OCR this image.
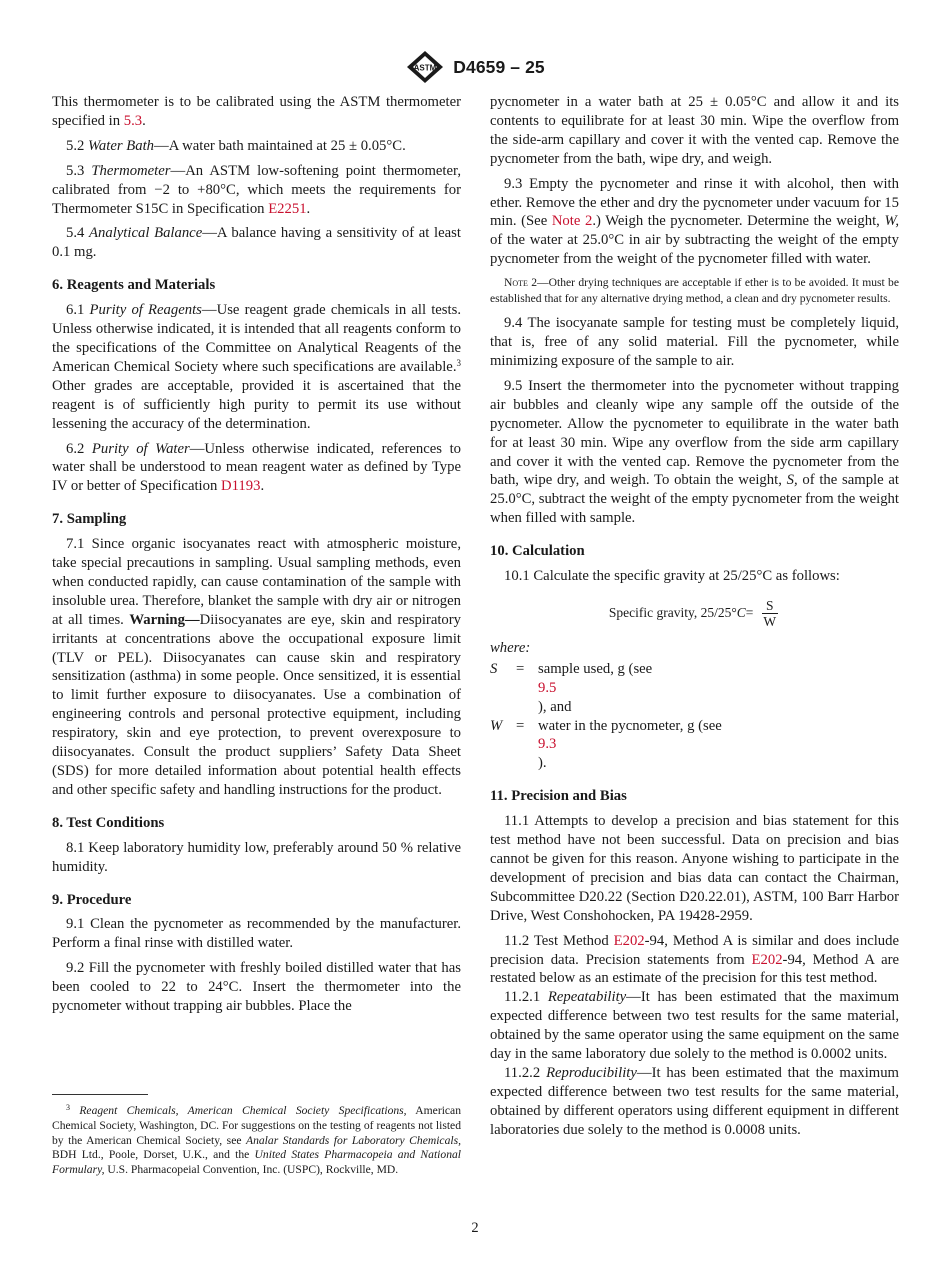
ASTM D4659 – 25

This thermometer is to be calibrated using the ASTM thermometer specified in 5.3.

5.2 Water Bath—A water bath maintained at 25 ± 0.05°C.

5.3 Thermometer—An ASTM low-softening point thermometer, calibrated from −2 to +80°C, which meets the requirements for Thermometer S15C in Specification E2251.

5.4 Analytical Balance—A balance having a sensitivity of at least 0.1 mg.

6. Reagents and Materials

6.1 Purity of Reagents—Use reagent grade chemicals in all tests. Unless otherwise indicated, it is intended that all reagents conform to the specifications of the Committee on Analytical Reagents of the American Chemical Society where such specifications are available.$^3$ Other grades are acceptable, provided it is ascertained that the reagent is of sufficiently high purity to permit its use without lessening the accuracy of the determination.

6.2 Purity of Water—Unless otherwise indicated, references to water shall be understood to mean reagent water as defined by Type IV or better of Specification D1193.

7. Sampling

7.1 Since organic isocyanates react with atmospheric moisture, take special precautions in sampling. Usual sampling methods, even when conducted rapidly, can cause contamination of the sample with insoluble urea. Therefore, blanket the sample with dry air or nitrogen at all times. Warning—Diisocyanates are eye, skin and respiratory irritants at concentrations above the occupational exposure limit (TLV or PEL). Diisocyanates can cause skin and respiratory sensitization (asthma) in some people. Once sensitized, it is essential to limit further exposure to diisocyanates. Use a combination of engineering controls and personal protective equipment, including respiratory, skin and eye protection, to prevent overexposure to diisocyanates. Consult the product suppliers’ Safety Data Sheet (SDS) for more detailed information about potential health effects and other specific safety and handling instructions for the product.

8. Test Conditions

8.1 Keep laboratory humidity low, preferably around 50 % relative humidity.

9. Procedure

9.1 Clean the pycnometer as recommended by the manufacturer. Perform a final rinse with distilled water.

9.2 Fill the pycnometer with freshly boiled distilled water that has been cooled to 22 to 24°C. Insert the thermometer into the pycnometer without trapping air bubbles. Place the

$^3$ Reagent Chemicals, American Chemical Society Specifications, American Chemical Society, Washington, DC. For suggestions on the testing of reagents not listed by the American Chemical Society, see Analar Standards for Laboratory Chemicals, BDH Ltd., Poole, Dorset, U.K., and the United States Pharmacopeia and National Formulary, U.S. Pharmacopeial Convention, Inc. (USPC), Rockville, MD.

pycnometer in a water bath at 25 ± 0.05°C and allow it and its contents to equilibrate for at least 30 min. Wipe the overflow from the side-arm capillary and cover it with the vented cap. Remove the pycnometer from the bath, wipe dry, and weigh.

9.3 Empty the pycnometer and rinse it with alcohol, then with ether. Remove the ether and dry the pycnometer under vacuum for 15 min. (See Note 2.) Weigh the pycnometer. Determine the weight, W, of the water at 25.0°C in air by subtracting the weight of the empty pycnometer from the weight of the pycnometer filled with water.

Note 2—Other drying techniques are acceptable if ether is to be avoided. It must be established that for any alternative drying method, a clean and dry pycnometer results.

9.4 The isocyanate sample for testing must be completely liquid, that is, free of any solid material. Fill the pycnometer, while minimizing exposure of the sample to air.

9.5 Insert the thermometer into the pycnometer without trapping air bubbles and cleanly wipe any sample off the outside of the pycnometer. Allow the pycnometer to equilibrate in the water bath for at least 30 min. Wipe any overflow from the side arm capillary and cover it with the vented cap. Remove the pycnometer from the bath, wipe dry, and weigh. To obtain the weight, S, of the sample at 25.0°C, subtract the weight of the empty pycnometer from the weight when filled with sample.

10. Calculation

10.1 Calculate the specific gravity at 25/25°C as follows:

Specific gravity, 25/25° $C = \frac{S}{W}$
where:
S	= sample used, g (see
9.5
), and
W = water in the pycnometer, g (see
9.3
).
11. Precision and Bias

11.1 Attempts to develop a precision and bias statement for this test method have not been successful. Data on precision and bias cannot be given for this reason. Anyone wishing to participate in the development of precision and bias data can contact the Chairman, Subcommittee D20.22 (Section D20.22.01), ASTM, 100 Barr Harbor Drive, West Conshohocken, PA 19428-2959.

11.2 Test Method E202-94, Method A is similar and does include precision data. Precision statements from E202-94, Method A are restated below as an estimate of the precision for this test method.

11.2.1 Repeatability—It has been estimated that the maximum expected difference between two test results for the same material, obtained by the same operator using the same equipment on the same day in the same laboratory due solely to the method is 0.0002 units.

11.2.2 Reproducibility—It has been estimated that the maximum expected difference between two test results for the same material, obtained by different operators using different equipment in different laboratories due solely to the method is 0.0008 units.

2
